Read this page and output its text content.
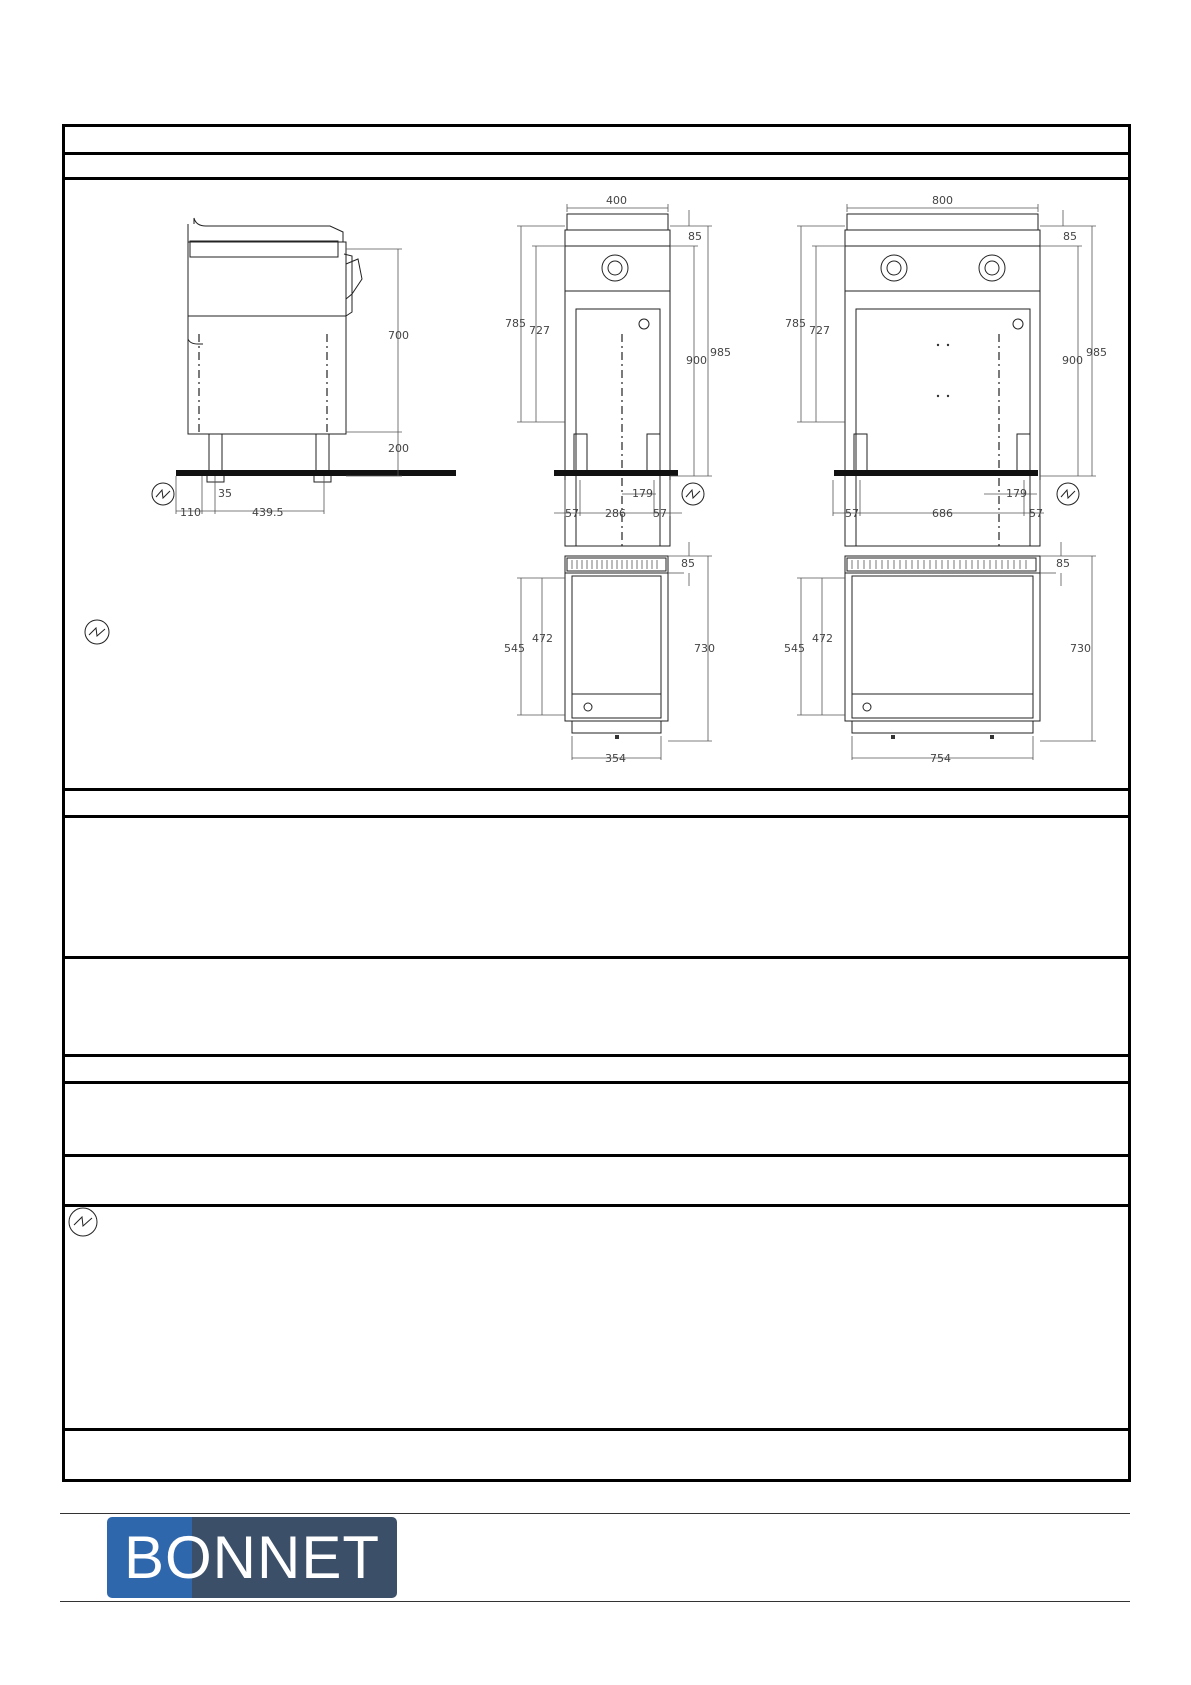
700
200
35
110	439.5
400
785
727
85
900
985
179
57 286 57
800
785
727
85
900
985
179
57	686	57
545
472
85
730
354
545
472
85
730
754
BONNET
